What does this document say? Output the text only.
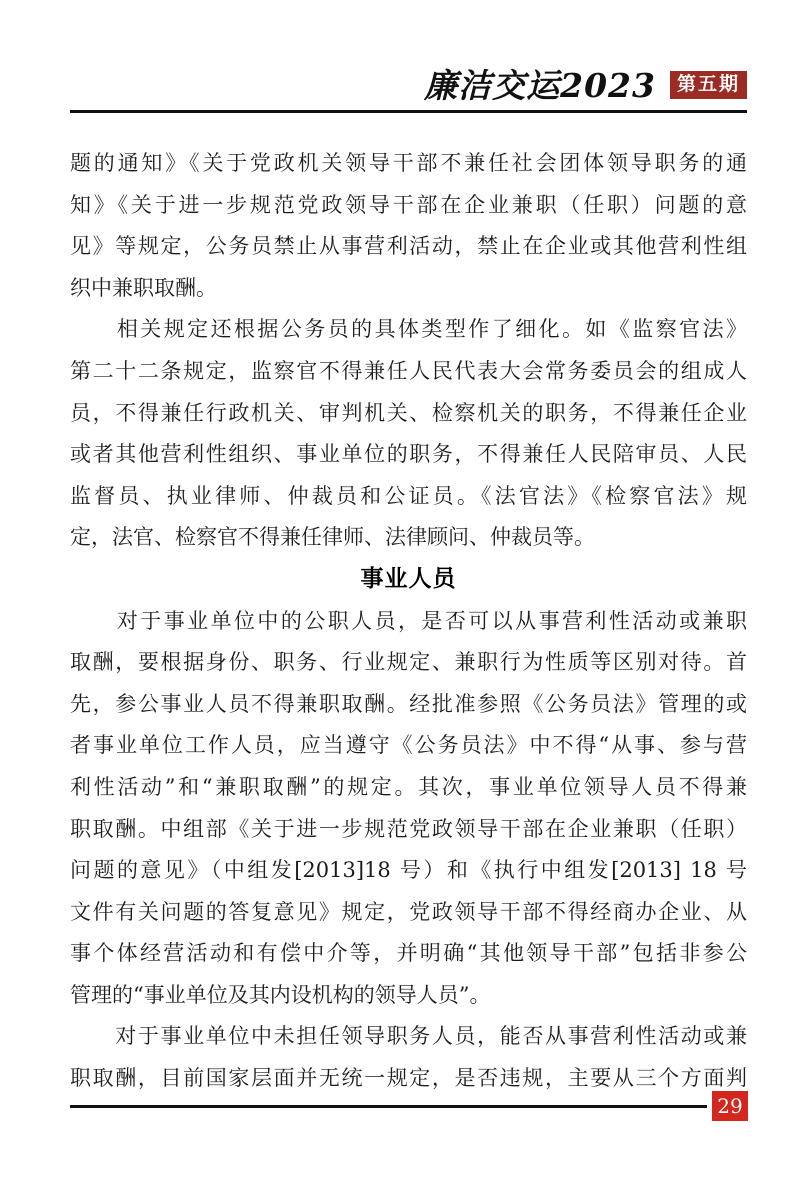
廉洁交运2023	第五期
题的通知》《关于党政机关领导干部不兼任社会团体领导职务的通
知》《关于进一步规范党政领导干部在企业兼职（任职）问题的意
见》等规定，公务员禁止从事营利活动，禁止在企业或其他营利性组
织中兼职取酬。
　　相关规定还根据公务员的具体类型作了细化。如《监察官法》
第二十二条规定，监察官不得兼任人民代表大会常务委员会的组成人
员，不得兼任行政机关、审判机关、检察机关的职务，不得兼任企业
或者其他营利性组织、事业单位的职务，不得兼任人民陪审员、人民
监督员、执业律师、仲裁员和公证员。《法官法》《检察官法》规
定，法官、检察官不得兼任律师、法律顾问、仲裁员等。
事业人员
　　对于事业单位中的公职人员，是否可以从事营利性活动或兼职
取酬，要根据身份、职务、行业规定、兼职行为性质等区别对待。首
先，参公事业人员不得兼职取酬。经批准参照《公务员法》管理的或
者事业单位工作人员，应当遵守《公务员法》中不得“从事、参与营
利性活动”和“兼职取酬”的规定。其次，事业单位领导人员不得兼
职取酬。中组部《关于进一步规范党政领导干部在企业兼职（任职）
问题的意见》（中组发[2013]18 号）和《执行中组发[2013] 18 号
文件有关问题的答复意见》规定，党政领导干部不得经商办企业、从
事个体经营活动和有偿中介等，并明确“其他领导干部”包括非参公
管理的“事业单位及其内设机构的领导人员”。
　　对于事业单位中未担任领导职务人员，能否从事营利性活动或兼
职取酬，目前国家层面并无统一规定，是否违规，主要从三个方面判
29
